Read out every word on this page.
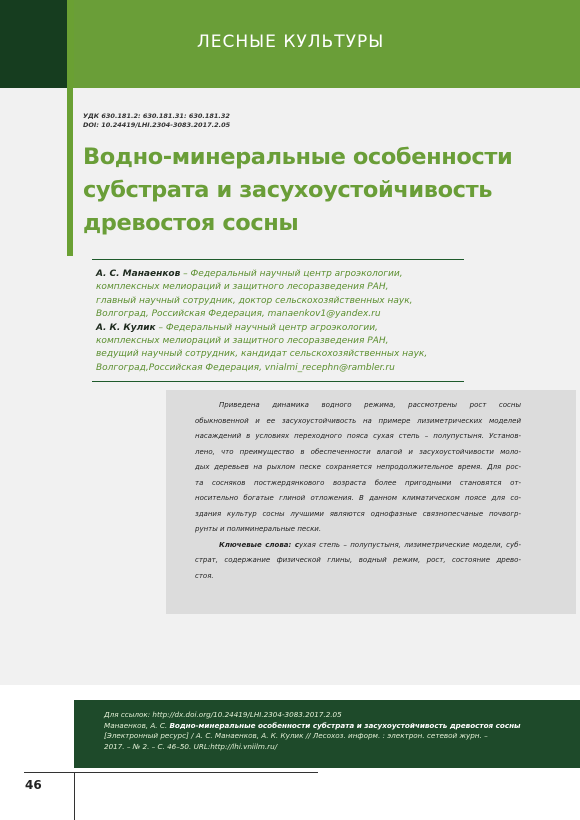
ЛЕСНЫЕ КУЛЬТУРЫ
УДК 630.181.2: 630.181.31: 630.181.32
DOI: 10.24419/LHI.2304-3083.2017.2.05
Водно-минеральные особенности
субстрата и засухоустойчивость
древостоя сосны
А. С. Манаенков – Федеральный научный центр агроэкологии,
комплексных мелиораций и защитного лесоразведения РАН,
главный научный сотрудник, доктор сельскохозяйственных наук,
Волгоград, Российская Федерация, manaenkov1@yandex.ru
А. К. Кулик – Федеральный научный центр агроэкологии,
комплексных мелиораций и защитного лесоразведения РАН,
ведущий научный сотрудник, кандидат сельскохозяйственных наук,
Волгоград,Российская Федерация, vnialmi_recephn@rambler.ru
Приведена динамика водного режима, рассмотрены рост сосны
обыкновенной и ее засухоустойчивость на примере лизиметрических моделей
насаждений в условиях переходного пояса сухая степь – полупустыня. Установ-
лено, что преимущество в обеспеченности влагой и засухоустойчивости моло-
дых деревьев на рыхлом песке сохраняется непродолжительное время. Для рос-
та сосняков постжердянкового возраста более пригодными становятся от-
носительно богатые глиной отложения. В данном климатическом поясе для со-
здания культур сосны лучшими являются однофазные связнопесчаные почвогр-
рунты и полиминеральные пески.
Ключевые слова: сухая степь – полупустыня, лизиметрические модели, суб-
страт, содержание физической глины, водный режим, рост, состояние древо-
стоя.
Для ссылок: http://dx.doi.org/10.24419/LHI.2304-3083.2017.2.05
Манаенков, А. С. Водно-минеральные особенности субстрата и засухоустойчивость древостоя сосны
[Электронный ресурс] / А. С. Манаенков, А. К. Кулик // Лесохоз. информ. : электрон. сетевой журн. –
2017. – № 2. – С. 46–50. URL:http://lhi.vniilm.ru/
46
